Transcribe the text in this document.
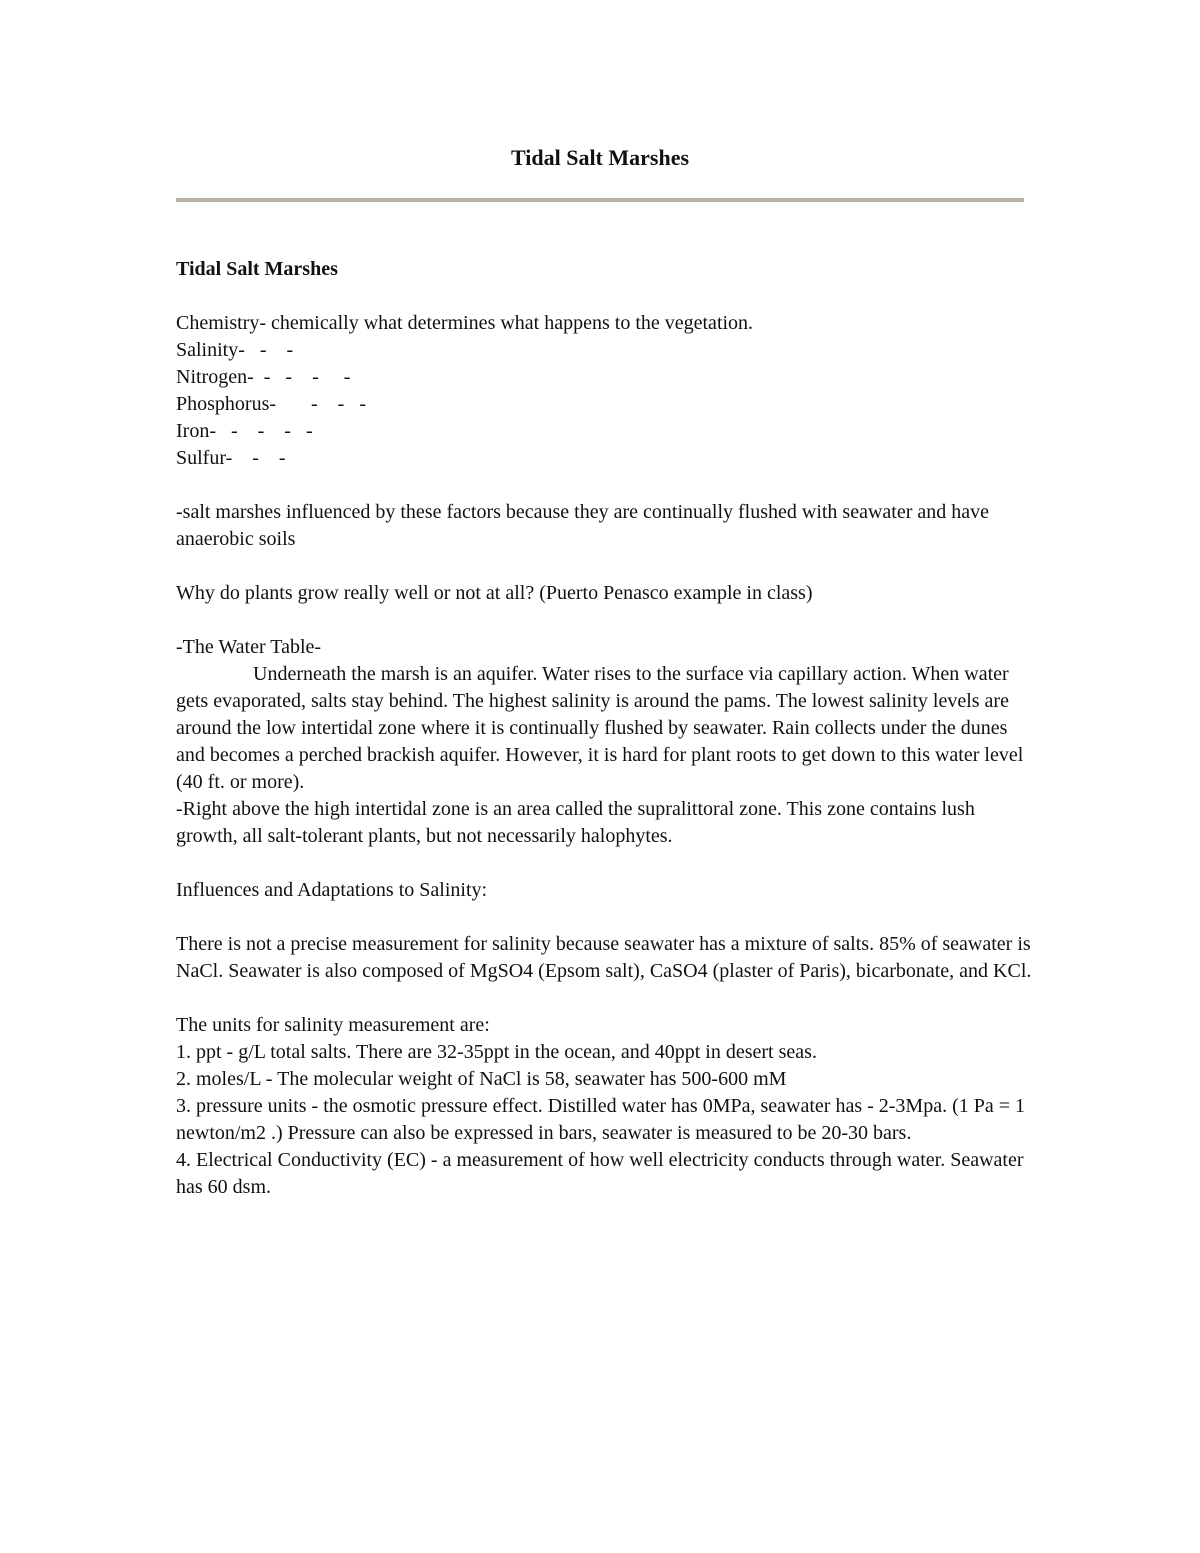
Tidal Salt Marshes
Tidal Salt Marshes
Chemistry- chemically what determines what happens to the vegetation.
Salinity-   -    -
Nitrogen-  -   -    -     -
Phosphorus-       -    -   -
Iron-   -    -    -   -
Sulfur-    -    -

-salt marshes influenced by these factors because they are continually flushed with seawater and have anaerobic soils

Why do plants grow really well or not at all? (Puerto Penasco example in class)

-The Water Table-
Underneath the marsh is an aquifer. Water rises to the surface via capillary action. When water gets evaporated, salts stay behind. The highest salinity is around the pams. The lowest salinity levels are around the low intertidal zone where it is continually flushed by seawater. Rain collects under the dunes and becomes a perched brackish aquifer. However, it is hard for plant roots to get down to this water level (40 ft. or more).
-Right above the high intertidal zone is an area called the supralittoral zone. This zone contains lush growth, all salt-tolerant plants, but not necessarily halophytes.

Influences and Adaptations to Salinity:

There is not a precise measurement for salinity because seawater has a mixture of salts. 85% of seawater is NaCl. Seawater is also composed of MgSO4 (Epsom salt), CaSO4 (plaster of Paris), bicarbonate, and KCl.

The units for salinity measurement are:
1. ppt - g/L total salts. There are 32-35ppt in the ocean, and 40ppt in desert seas.
2. moles/L - The molecular weight of NaCl is 58, seawater has 500-600 mM
3. pressure units - the osmotic pressure effect. Distilled water has 0MPa, seawater has - 2-3Mpa. (1 Pa = 1 newton/m2 .) Pressure can also be expressed in bars, seawater is measured to be 20-30 bars.
4. Electrical Conductivity (EC) - a measurement of how well electricity conducts through water. Seawater has 60 dsm.
